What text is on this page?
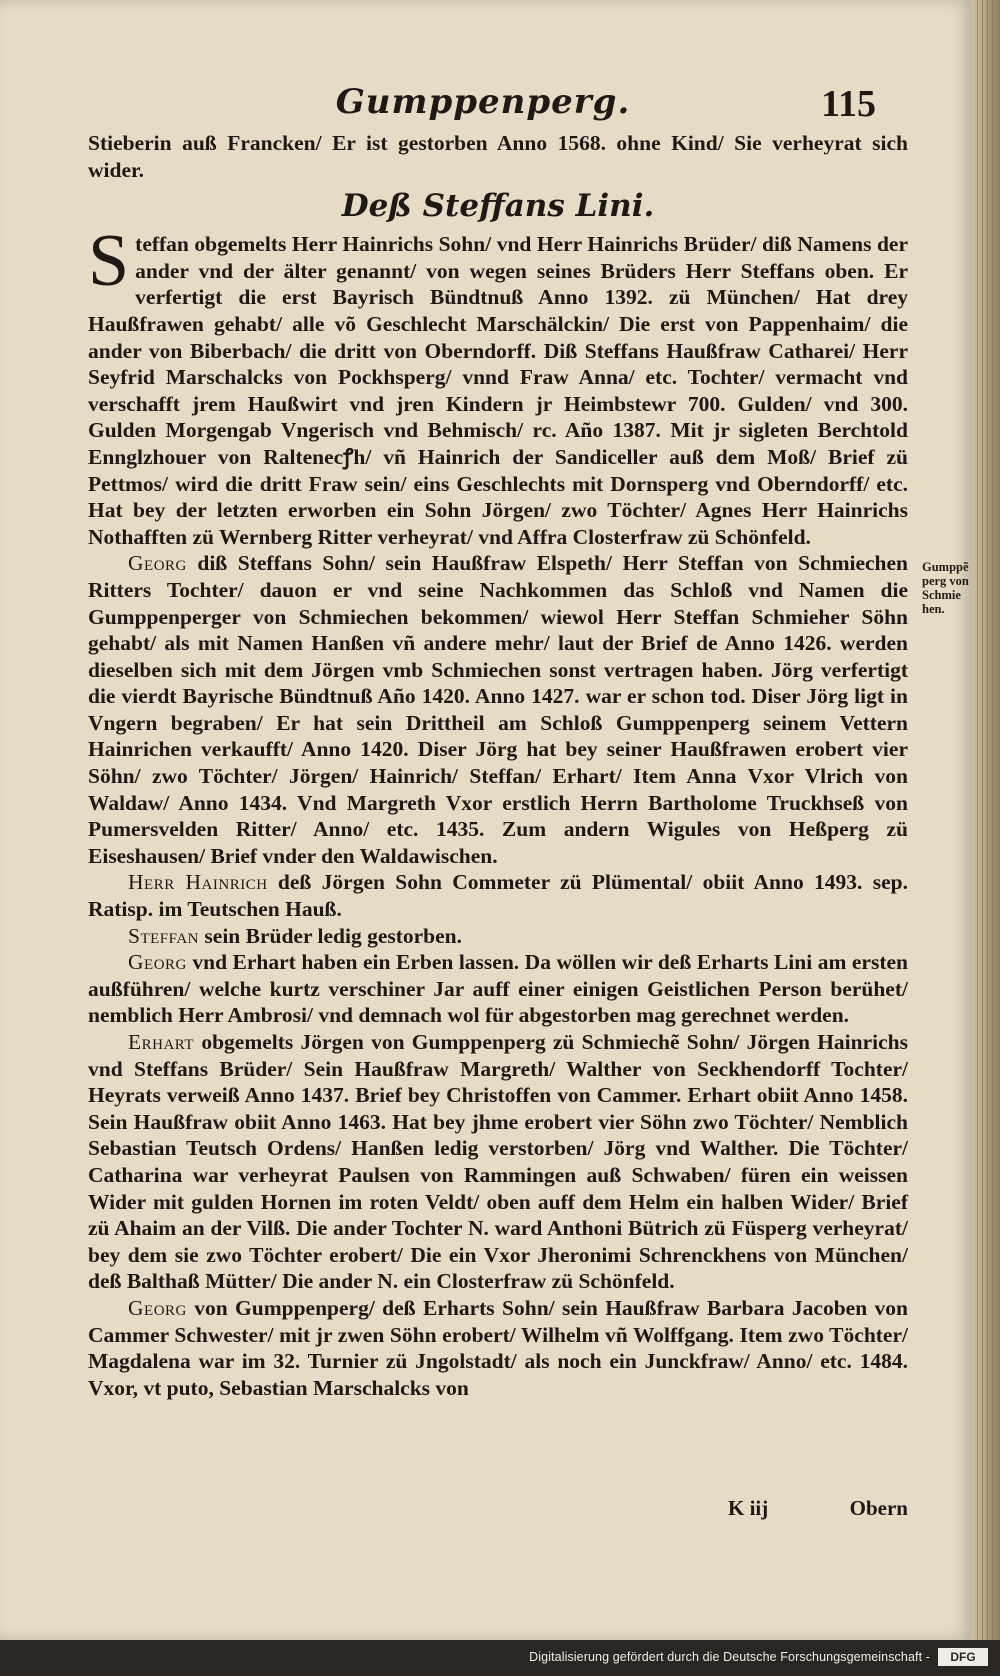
Gumppenperg.	115

Stieberin auß Francken/ Er ist gestorben Anno 1568. ohne Kind/ Sie verheyrat sich wider.

Deß Steffans Lini.

Steffan obgemelts Herr Hainrichs Sohn/ vnd Herr Hainrichs Brüder/ diß Namens der ander vnd der älter genannt/ von wegen seines Brüders Herr Steffans oben. Er verfertigt die erst Bayrisch Bündtnuß Anno 1392. zü München/ Hat drey Haußfrawen gehabt/ alle võ Geschlecht Marschälckin/ Die erst von Pappenhaim/ die ander von Biberbach/ die dritt von Oberndorff. Diß Steffans Haußfraw Catharei/ Herr Seyfrid Marschalcks von Pockhsperg/ vnnd Fraw Anna/ etc. Tochter/ vermacht vnd verschafft jrem Haußwirt vnd jren Kindern jr Heimbstewr 700. Gulden/ vnd 300. Gulden Morgengab Vngerisch vnd Behmisch/ rc. Año 1387. Mit jr sigleten Berchtold Ennglzhouer von Raltenecꝭh/ vñ Hainrich der Sandiceller auß dem Moß/ Brief zü Pettmos/ wird die dritt Fraw sein/ eins Geschlechts mit Dornsperg vnd Oberndorff/ etc. Hat bey der letzten erworben ein Sohn Jörgen/ zwo Töchter/ Agnes Herr Hainrichs Nothafften zü Wernberg Ritter verheyrat/ vnd Affra Closterfraw zü Schönfeld.

Georg diß Steffans Sohn/ sein Haußfraw Elspeth/ Herr Steffan von Schmiechen Ritters Tochter/ dauon er vnd seine Nachkommen das Schloß vnd Namen die Gumppenperger von Schmiechen bekommen/ wiewol Herr Steffan Schmieher Söhn gehabt/ als mit Namen Hanßen vñ andere mehr/ laut der Brief de Anno 1426. werden dieselben sich mit dem Jörgen vmb Schmiechen sonst vertragen haben. Jörg verfertigt die vierdt Bayrische Bündtnuß Año 1420. Anno 1427. war er schon tod. Diser Jörg ligt in Vngern begraben/ Er hat sein Drittheil am Schloß Gumppenperg seinem Vettern Hainrichen verkaufft/ Anno 1420. Diser Jörg hat bey seiner Haußfrawen erobert vier Söhn/ zwo Töchter/ Jörgen/ Hainrich/ Steffan/ Erhart/ Item Anna Vxor Vlrich von Waldaw/ Anno 1434. Vnd Margreth Vxor erstlich Herrn Bartholome Truckhseß von Pumersvelden Ritter/ Anno/ etc. 1435. Zum andern Wigules von Heßperg zü Eiseshausen/ Brief vnder den Waldawischen.

Herr Hainrich deß Jörgen Sohn Commeter zü Plümental/ obiit Anno 1493. sep. Ratisp. im Teutschen Hauß.

Steffan sein Brüder ledig gestorben.

Georg vnd Erhart haben ein Erben lassen. Da wöllen wir deß Erharts Lini am ersten außführen/ welche kurtz verschiner Jar auff einer einigen Geistlichen Person berühet/ nemblich Herr Ambrosi/ vnd demnach wol für abgestorben mag gerechnet werden.

Erhart obgemelts Jörgen von Gumppenperg zü Schmiechẽ Sohn/ Jörgen Hainrichs vnd Steffans Brüder/ Sein Haußfraw Margreth/ Walther von Seckhendorff Tochter/ Heyrats verweiß Anno 1437. Brief bey Christoffen von Cammer. Erhart obiit Anno 1458. Sein Haußfraw obiit Anno 1463. Hat bey jhme erobert vier Söhn zwo Töchter/ Nemblich Sebastian Teutsch Ordens/ Hanßen ledig verstorben/ Jörg vnd Walther. Die Töchter/ Catharina war verheyrat Paulsen von Rammingen auß Schwaben/ füren ein weissen Wider mit gulden Hornen im roten Veldt/ oben auff dem Helm ein halben Wider/ Brief zü Ahaim an der Vilß. Die ander Tochter N. ward Anthoni Bütrich zü Füsperg verheyrat/ bey dem sie zwo Töchter erobert/ Die ein Vxor Jheronimi Schrenckhens von München/ deß Balthaß Mütter/ Die ander N. ein Closterfraw zü Schönfeld.

Georg von Gumppenperg/ deß Erharts Sohn/ sein Haußfraw Barbara Jacoben von Cammer Schwester/ mit jr zwen Söhn erobert/ Wilhelm vñ Wolffgang. Item zwo Töchter/ Magdalena war im 32. Turnier zü Jngolstadt/ als noch ein Junckfraw/ Anno/ etc. 1484. Vxor, vt puto, Sebastian Marschalcks von

Gumppẽ
perg von
Schmie
hen.
K iij	Obern
Digitalisierung gefördert durch die Deutsche Forschungsgemeinschaft -	DFG
